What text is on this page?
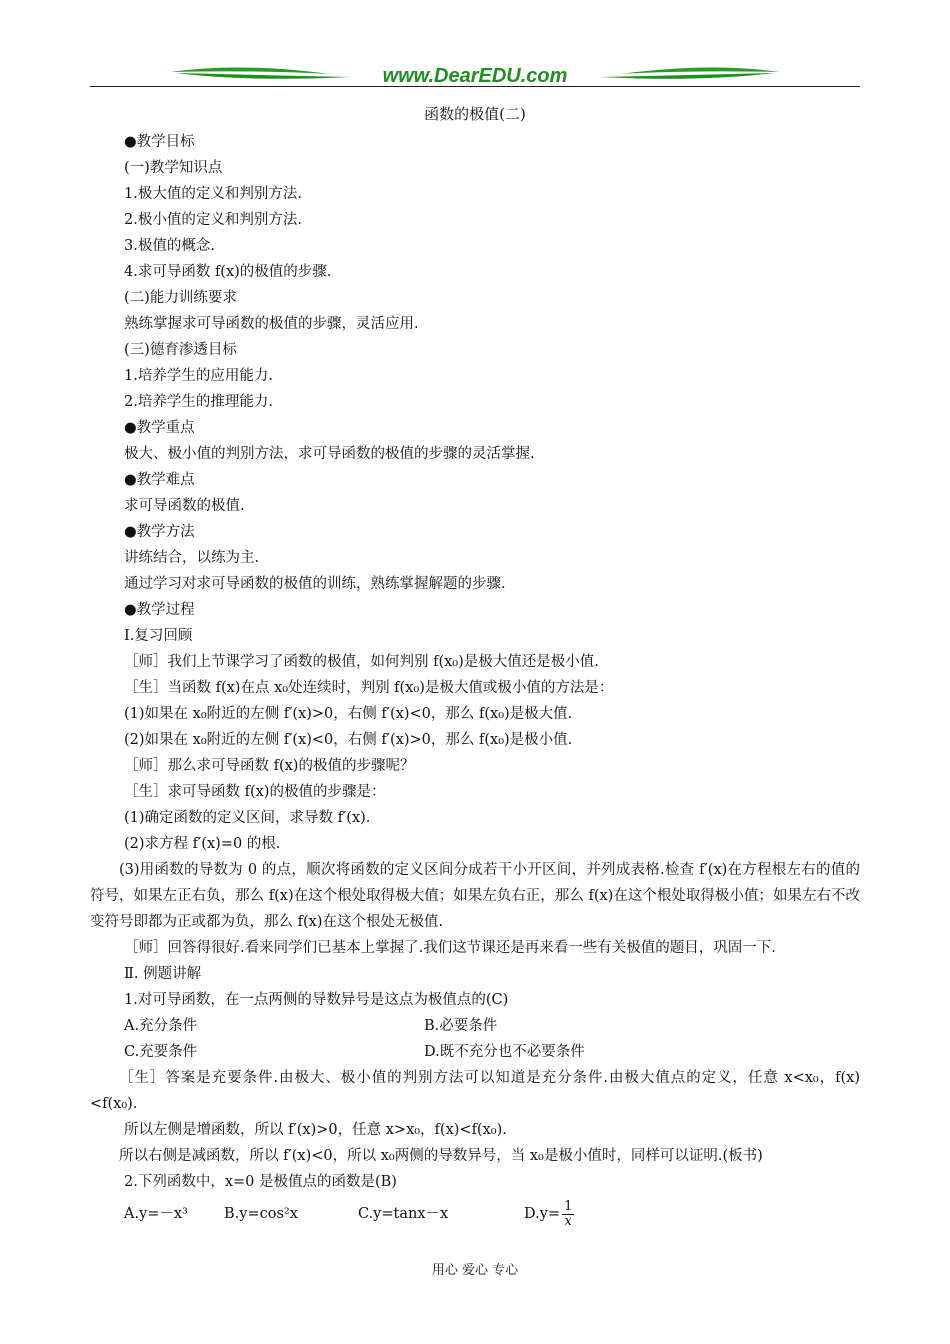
www.DearEDU.com
函数的极值(二)
●教学目标
(一)教学知识点
1.极大值的定义和判别方法.
2.极小值的定义和判别方法.
3.极值的概念.
4.求可导函数 f(x)的极值的步骤.
(二)能力训练要求
熟练掌握求可导函数的极值的步骤，灵活应用.
(三)德育渗透目标
1.培养学生的应用能力.
2.培养学生的推理能力.
●教学重点
极大、极小值的判别方法，求可导函数的极值的步骤的灵活掌握.
●教学难点
求可导函数的极值.
●教学方法
讲练结合，以练为主.
通过学习对求可导函数的极值的训练，熟练掌握解题的步骤.
●教学过程
Ⅰ.复习回顾
［师］我们上节课学习了函数的极值，如何判别 f(x₀)是极大值还是极小值.
［生］当函数 f(x)在点 x₀处连续时，判别 f(x₀)是极大值或极小值的方法是：
(1)如果在 x₀附近的左侧 f′(x)>0，右侧 f′(x)<0，那么 f(x₀)是极大值.
(2)如果在 x₀附近的左侧 f′(x)<0，右侧 f′(x)>0，那么 f(x₀)是极小值.
［师］那么求可导函数 f(x)的极值的步骤呢？
［生］求可导函数 f(x)的极值的步骤是：
(1)确定函数的定义区间，求导数 f′(x).
(2)求方程 f′(x)=0 的根.
(3)用函数的导数为 0 的点，顺次将函数的定义区间分成若干小开区间，并列成表格.检查 f′(x)在方程根左右的值的符号，如果左正右负，那么 f(x)在这个根处取得极大值；如果左负右正，那么 f(x)在这个根处取得极小值；如果左右不改变符号即都为正或都为负，那么 f(x)在这个根处无极值.
［师］回答得很好.看来同学们已基本上掌握了.我们这节课还是再来看一些有关极值的题目，巩固一下.
Ⅱ. 例题讲解
1.对可导函数，在一点两侧的导数异号是这点为极值点的(C)
A.充分条件	B.必要条件
C.充要条件	D.既不充分也不必要条件
［生］答案是充要条件.由极大、极小值的判别方法可以知道是充分条件.由极大值点的定义，任意 x<x₀，f(x)<f(x₀).
所以左侧是增函数，所以 f′(x)>0，任意 x>x₀，f(x)<f(x₀).
所以右侧是减函数，所以 f′(x)<0，所以 x₀两侧的导数异号，当 x₀是极小值时，同样可以证明.(板书)
2.下列函数中，x=0 是极值点的函数是(B)
A.y=－x³ B.y=cos²x	C.y=tanx－x	$D.y= \frac{1}{x}$
用心 爱心 专心
